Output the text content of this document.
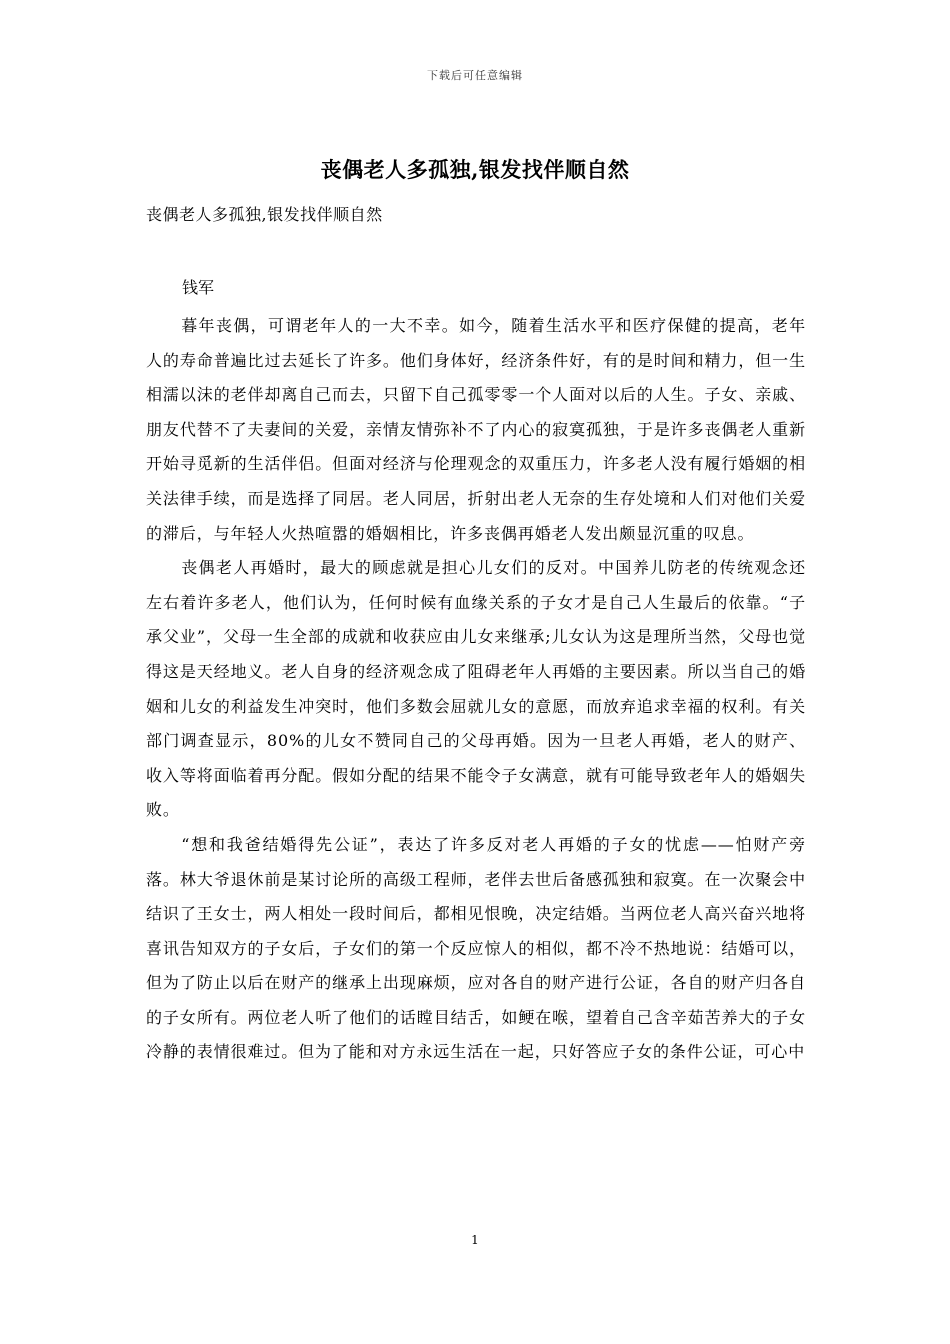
下载后可任意编辑
丧偶老人多孤独,银发找伴顺自然
丧偶老人多孤独,银发找伴顺自然
钱军

暮年丧偶，可谓老年人的一大不幸。如今，随着生活水平和医疗保健的提高，老年人的寿命普遍比过去延长了许多。他们身体好，经济条件好，有的是时间和精力，但一生相濡以沫的老伴却离自己而去，只留下自己孤零零一个人面对以后的人生。子女、亲戚、朋友代替不了夫妻间的关爱，亲情友情弥补不了内心的寂寞孤独，于是许多丧偶老人重新开始寻觅新的生活伴侣。但面对经济与伦理观念的双重压力，许多老人没有履行婚姻的相关法律手续，而是选择了同居。老人同居，折射出老人无奈的生存处境和人们对他们关爱的滞后，与年轻人火热喧嚣的婚姻相比，许多丧偶再婚老人发出颇显沉重的叹息。

丧偶老人再婚时，最大的顾虑就是担心儿女们的反对。中国养儿防老的传统观念还左右着许多老人，他们认为，任何时候有血缘关系的子女才是自己人生最后的依靠。“子承父业”，父母一生全部的成就和收获应由儿女来继承;儿女认为这是理所当然，父母也觉得这是天经地义。老人自身的经济观念成了阻碍老年人再婚的主要因素。所以当自己的婚姻和儿女的利益发生冲突时，他们多数会屈就儿女的意愿，而放弃追求幸福的权利。有关部门调查显示，80%的儿女不赞同自己的父母再婚。因为一旦老人再婚，老人的财产、收入等将面临着再分配。假如分配的结果不能令子女满意，就有可能导致老年人的婚姻失败。

“想和我爸结婚得先公证”，表达了许多反对老人再婚的子女的忧虑——怕财产旁落。林大爷退休前是某讨论所的高级工程师，老伴去世后备感孤独和寂寞。在一次聚会中结识了王女士，两人相处一段时间后，都相见恨晚，决定结婚。当两位老人高兴奋兴地将喜讯告知双方的子女后，子女们的第一个反应惊人的相似，都不冷不热地说：结婚可以，但为了防止以后在财产的继承上出现麻烦，应对各自的财产进行公证，各自的财产归各自的子女所有。两位老人听了他们的话瞠目结舌，如鲠在喉，望着自己含辛茹苦养大的子女冷静的表情很难过。但为了能和对方永远生活在一起，只好答应子女的条件公证，可心中

1
